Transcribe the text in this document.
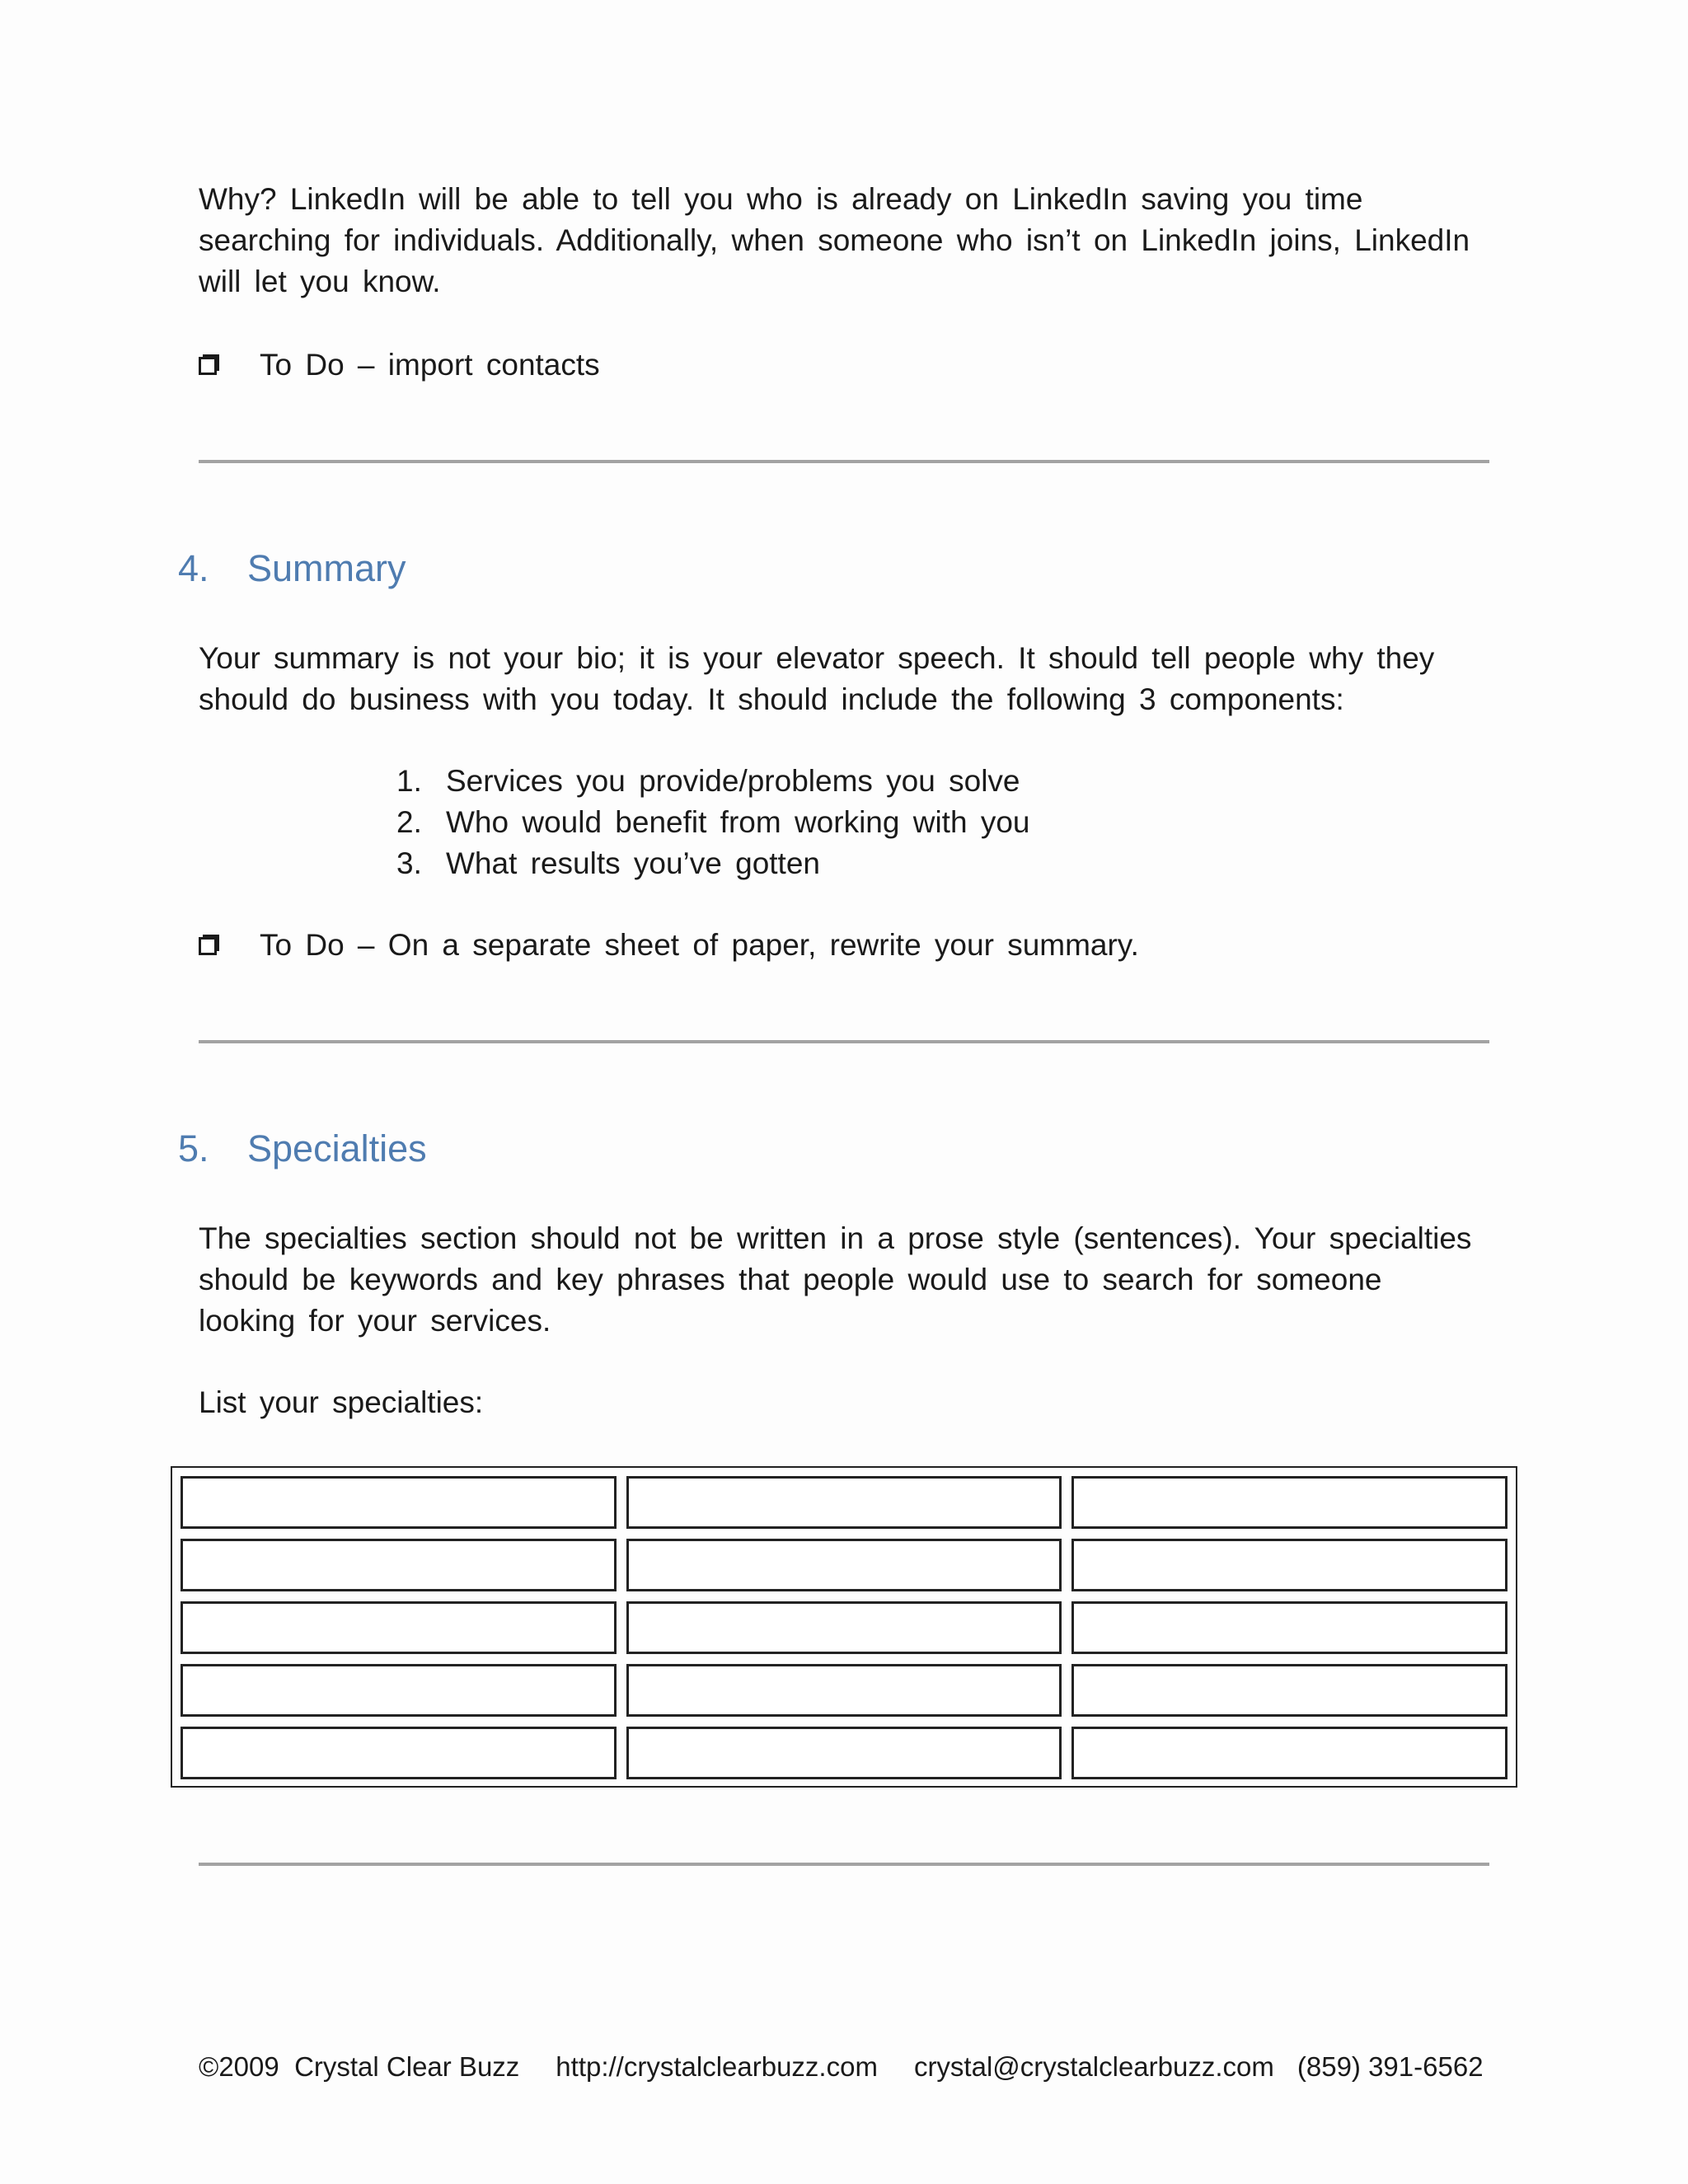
Why? LinkedIn will be able to tell you who is already on LinkedIn saving you time searching for individuals. Additionally, when someone who isn’t on LinkedIn joins, LinkedIn will let you know.

To Do – import contacts
4.	Summary

Your summary is not your bio; it is your elevator speech. It should tell people why they should do business with you today. It should include the following 3 components:

1. Services you provide/problems you solve
2. Who would benefit from working with you
3. What results you’ve gotten
To Do – On a separate sheet of paper, rewrite your summary.
5.	Specialties

The specialties section should not be written in a prose style (sentences). Your specialties should be keywords and key phrases that people would use to search for someone looking for your services.

List your specialties:

©2009  Crystal Clear Buzz http://crystalclearbuzz.com crystal@crystalclearbuzz.com (859) 391-6562
